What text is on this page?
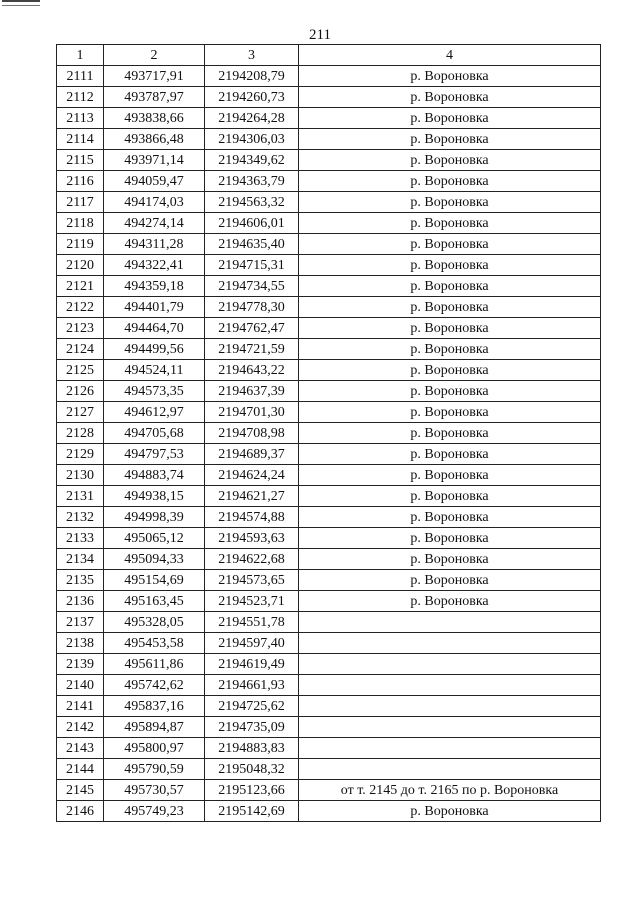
211
1	2	3	4
2111	493717,91	2194208,79	р. Вороновка
2112	493787,97	2194260,73	р. Вороновка
2113	493838,66	2194264,28	р. Вороновка
2114	493866,48	2194306,03	р. Вороновка
2115	493971,14	2194349,62	р. Вороновка
2116	494059,47	2194363,79	р. Вороновка
2117	494174,03	2194563,32	р. Вороновка
2118	494274,14	2194606,01	р. Вороновка
2119	494311,28	2194635,40	р. Вороновка
2120	494322,41	2194715,31	р. Вороновка
2121	494359,18	2194734,55	р. Вороновка
2122	494401,79	2194778,30	р. Вороновка
2123	494464,70	2194762,47	р. Вороновка
2124	494499,56	2194721,59	р. Вороновка
2125	494524,11	2194643,22	р. Вороновка
2126	494573,35	2194637,39	р. Вороновка
2127	494612,97	2194701,30	р. Вороновка
2128	494705,68	2194708,98	р. Вороновка
2129	494797,53	2194689,37	р. Вороновка
2130	494883,74	2194624,24	р. Вороновка
2131	494938,15	2194621,27	р. Вороновка
2132	494998,39	2194574,88	р. Вороновка
2133	495065,12	2194593,63	р. Вороновка
2134	495094,33	2194622,68	р. Вороновка
2135	495154,69	2194573,65	р. Вороновка
2136	495163,45	2194523,71	р. Вороновка
2137	495328,05	2194551,78	
2138	495453,58	2194597,40	
2139	495611,86	2194619,49	
2140	495742,62	2194661,93	
2141	495837,16	2194725,62	
2142	495894,87	2194735,09	
2143	495800,97	2194883,83	
2144	495790,59	2195048,32	
2145	495730,57	2195123,66	от т. 2145 до т. 2165 по р. Вороновка
2146	495749,23	2195142,69	р. Вороновка
